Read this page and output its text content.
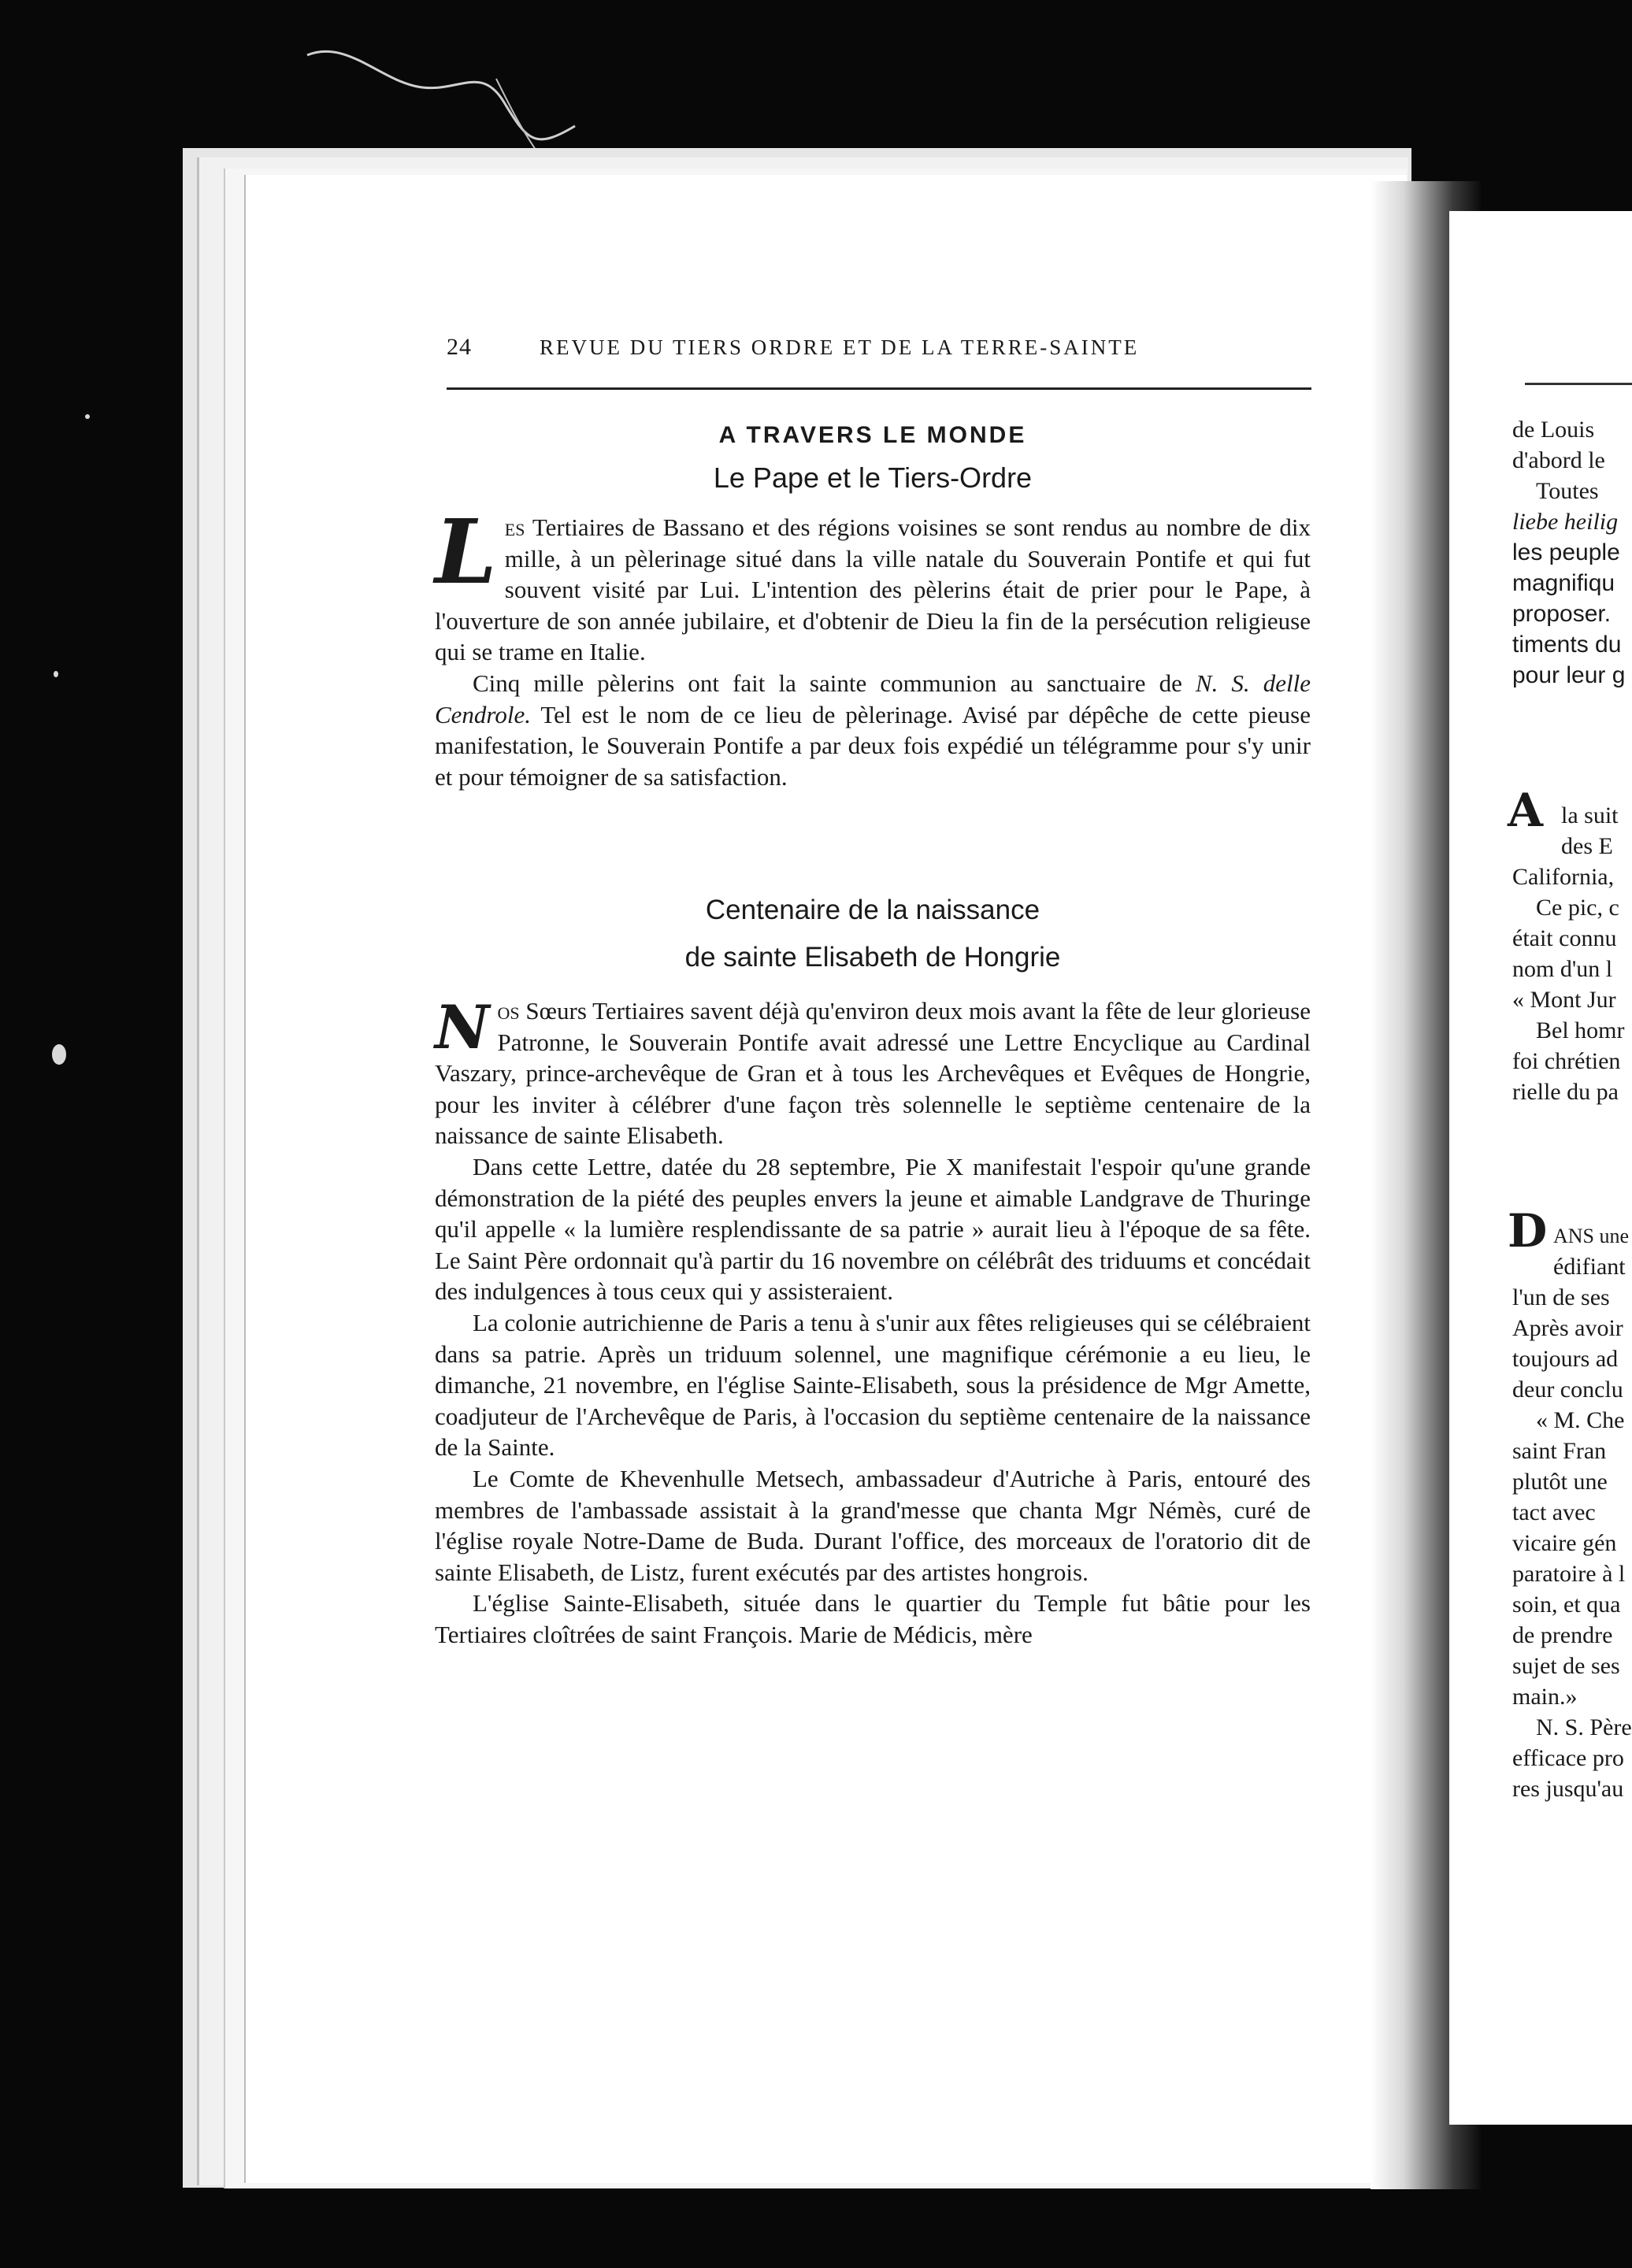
de Louis
d'abord le
Toutes
liebe heilig
les peuple
magnifiqu
proposer.
timents du
pour leur g
A la suit
des E
California,
Ce pic, c
était connu
nom d'un l
« Mont Jur
Bel homr
foi chrétien
rielle du pa
D ANS une
édifiant
l'un de ses
Après avoir
toujours ad
deur conclu
« M. Che
saint Fran
plutôt une
tact avec
vicaire gén
paratoire à l
soin, et qua
de prendre
sujet de ses
main.»
N. S. Père
efficace pro
res jusqu'au
24	REVUE DU TIERS ORDRE ET DE LA TERRE-SAINTE
A TRAVERS LE MONDE
Le Pape et le Tiers-Ordre

Les Tertiaires de Bassano et des régions voisines se sont rendus au nombre de dix mille, à un pèlerinage situé dans la ville natale du Souverain Pontife et qui fut souvent visité par Lui. L'intention des pèlerins était de prier pour le Pape, à l'ouverture de son année jubilaire, et d'obtenir de Dieu la fin de la persécution religieuse qui se trame en Italie.

Cinq mille pèlerins ont fait la sainte communion au sanctuaire de N. S. delle Cendrole. Tel est le nom de ce lieu de pèlerinage. Avisé par dépêche de cette pieuse manifestation, le Souverain Pontife a par deux fois expédié un télégramme pour s'y unir et pour témoigner de sa satisfaction.

Centenaire de la naissance
de sainte Elisabeth de Hongrie

Nos Sœurs Tertiaires savent déjà qu'environ deux mois avant la fête de leur glorieuse Patronne, le Souverain Pontife avait adressé une Lettre Encyclique au Cardinal Vaszary, prince-archevêque de Gran et à tous les Archevêques et Evêques de Hongrie, pour les inviter à célébrer d'une façon très solennelle le septième centenaire de la naissance de sainte Elisabeth.

Dans cette Lettre, datée du 28 septembre, Pie X manifestait l'espoir qu'une grande démonstration de la piété des peuples envers la jeune et aimable Landgrave de Thuringe qu'il appelle « la lumière resplendissante de sa patrie » aurait lieu à l'époque de sa fête. Le Saint Père ordonnait qu'à partir du 16 novembre on célébrât des triduums et concédait des indulgences à tous ceux qui y assisteraient.

La colonie autrichienne de Paris a tenu à s'unir aux fêtes religieuses qui se célébraient dans sa patrie. Après un triduum solennel, une magnifique cérémonie a eu lieu, le dimanche, 21 novembre, en l'église Sainte-Elisabeth, sous la présidence de Mgr Amette, coadjuteur de l'Archevêque de Paris, à l'occasion du septième centenaire de la naissance de la Sainte.

Le Comte de Khevenhulle Metsech, ambassadeur d'Autriche à Paris, entouré des membres de l'ambassade assistait à la grand'messe que chanta Mgr Némès, curé de l'église royale Notre-Dame de Buda. Durant l'office, des morceaux de l'oratorio dit de sainte Elisabeth, de Listz, furent exécutés par des artistes hongrois.

L'église Sainte-Elisabeth, située dans le quartier du Temple fut bâtie pour les Tertiaires cloîtrées de saint François. Marie de Médicis, mère
